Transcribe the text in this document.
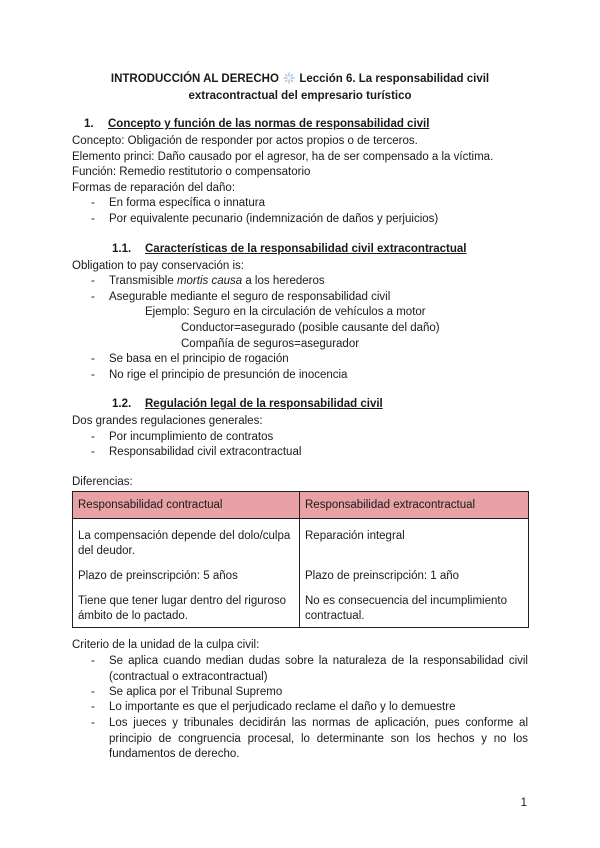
INTRODUCCIÓN AL DERECHO Lección 6. La responsabilidad civil
extracontractual del empresario turístico
1. Concepto y función de las normas de responsabilidad civil
Concepto: Obligación de responder por actos propios o de terceros.
Elemento princi: Daño causado por el agresor, ha de ser compensado a la víctima.
Función: Remedio restitutorio o compensatorio
Formas de reparación del daño:
- En forma específica o innatura
- Por equivalente pecunario (indemnización de daños y perjuicios)
1.1. Características de la responsabilidad civil extracontractual
Obligation to pay conservación is:
- Transmisible mortis causa a los herederos
- Asegurable mediante el seguro de responsabilidad civil
Ejemplo: Seguro en la circulación de vehículos a motor
Conductor=asegurado (posible causante del daño)
Compañía de seguros=asegurador
- Se basa en el principio de rogación
- No rige el principio de presunción de inocencia
1.2. Regulación legal de la responsabilidad civil
Dos grandes regulaciones generales:
- Por incumplimiento de contratos
- Responsabilidad civil extracontractual
Diferencias:
Responsabilidad contractual	Responsabilidad extracontractual
La compensación depende del dolo/culpa del deudor.	Reparación integral
Plazo de preinscripción: 5 años	Plazo de preinscripción: 1 año
Tiene que tener lugar dentro del riguroso ámbito de lo pactado.	No es consecuencia del incumplimiento contractual.
Criterio de la unidad de la culpa civil:
- Se aplica cuando median dudas sobre la naturaleza de la responsabilidad civil (contractual o extracontractual)
- Se aplica por el Tribunal Supremo
- Lo importante es que el perjudicado reclame el daño y lo demuestre
- Los jueces y tribunales decidirán las normas de aplicación, pues conforme al principio de congruencia procesal, lo determinante son los hechos y no los fundamentos de derecho.
1
